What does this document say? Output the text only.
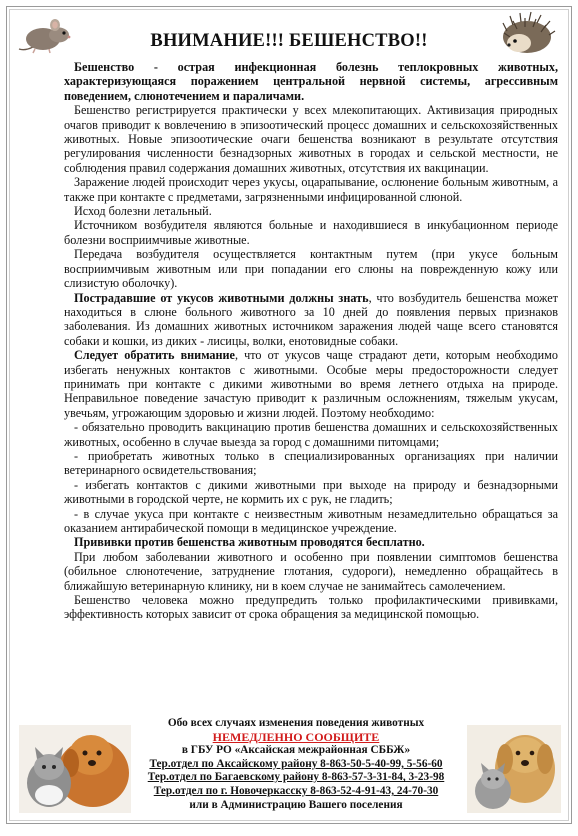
ВНИМАНИЕ!!! БЕШЕНСТВО!!

Бешенство - острая инфекционная болезнь теплокровных животных, характеризующаяся поражением центральной нервной системы, агрессивным поведением, слюнотечением и параличами.

Бешенство регистрируется практически у всех млекопитающих. Активизация природных очагов приводит к вовлечению в эпизоотический процесс домашних и сельскохозяйственных животных. Новые эпизоотические очаги бешенства возникают в результате отсутствия регулирования численности безнадзорных животных в городах и сельской местности, не соблюдения правил содержания домашних животных, отсутствия их вакцинации.

Заражение людей происходит через укусы, оцарапывание, ослюнение больным животным, а также при контакте с предметами, загрязненными инфицированной слюной.

Исход болезни летальный.

Источником возбудителя являются больные и находившиеся в инкубационном периоде болезни восприимчивые животные.

Передача возбудителя осуществляется контактным путем (при укусе больным восприимчивым животным или при попадании его слюны на поврежденную кожу или слизистую оболочку).

Пострадавшие от укусов животными должны знать, что возбудитель бешенства может находиться в слюне больного животного за 10 дней до появления первых признаков заболевания. Из домашних животных источником заражения людей чаще всего становятся собаки и кошки, из диких - лисицы, волки, енотовидные собаки.

Следует обратить внимание, что от укусов чаще страдают дети, которым необходимо избегать ненужных контактов с животными. Особые меры предосторожности следует принимать при контакте с дикими животными во время летнего отдыха на природе. Неправильное поведение зачастую приводит к различным осложнениям, тяжелым укусам, увечьям, угрожающим здоровью и жизни людей. Поэтому необходимо:

- обязательно проводить вакцинацию против бешенства домашних и сельскохозяйственных животных, особенно в случае выезда за город с домашними питомцами;

- приобретать животных только в специализированных организациях при наличии ветеринарного освидетельствования;

- избегать контактов с дикими животными при выходе на природу и безнадзорными животными в городской черте, не кормить их с рук, не гладить;

- в случае укуса при контакте с неизвестным животным незамедлительно обращаться за оказанием антирабической помощи в медицинское учреждение.

Прививки против бешенства животным проводятся бесплатно.

При любом заболевании животного и особенно при появлении симптомов бешенства (обильное слюнотечение, затруднение глотания, судороги), немедленно обращайтесь в ближайшую ветеринарную клинику, ни в коем случае не занимайтесь самолечением.

Бешенство человека можно предупредить только профилактическими прививками, эффективность которых зависит от срока обращения за медицинской помощью.

Обо всех случаях изменения поведения животных
НЕМЕДЛЕННО СООБЩИТЕ
в ГБУ РО «Аксайская межрайонная СББЖ»
Тер.отдел по Аксайскому району 8-863-50-5-40-99, 5-56-60
Тер.отдел по Багаевскому району 8-863-57-3-31-84, 3-23-98
Тер.отдел по г. Новочеркасску 8-863-52-4-91-43, 24-70-30
или в Администрацию Вашего поселения
